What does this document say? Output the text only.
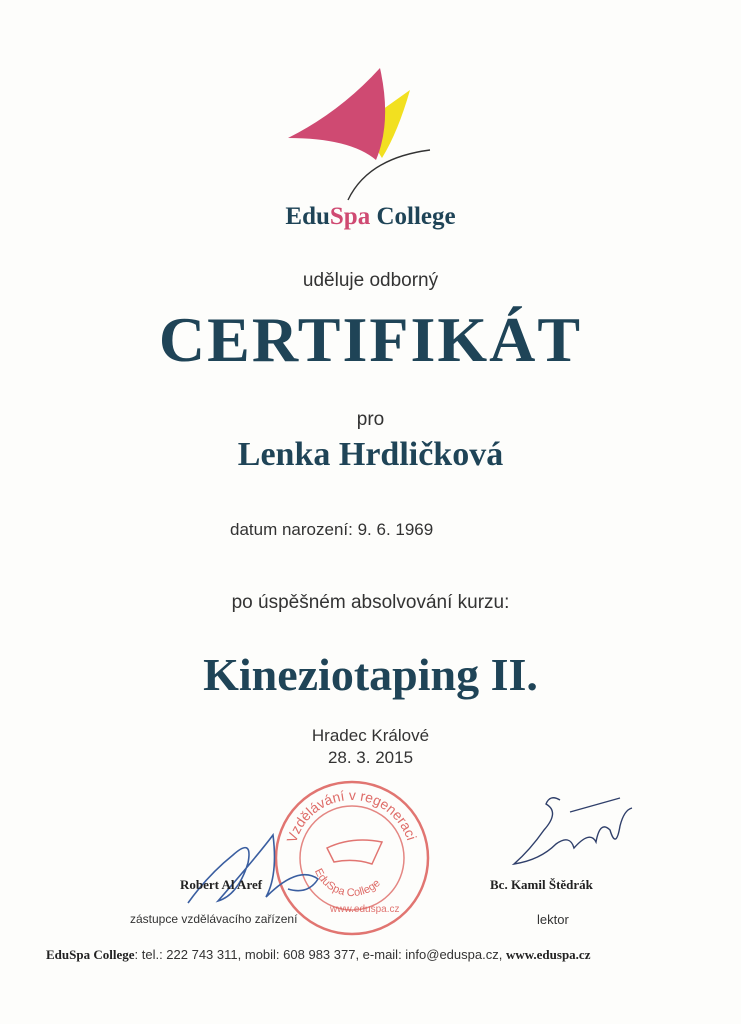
EduSpa College
uděluje odborný
CERTIFIKÁT
pro
Lenka Hrdličková
datum narození: 9. 6. 1969
po úspěšném absolvování kurzu:
Kineziotaping II.
Hradec Králové
28. 3. 2015
Vzdělávání v regeneraci
EduSpa College
www.eduspa.cz
Robert Al Aref
zástupce vzdělávacího zařízení
Bc. Kamil Štědrák
lektor
EduSpa College: tel.: 222 743 311, mobil: 608 983 377, e-mail: info@eduspa.cz, www.eduspa.cz
